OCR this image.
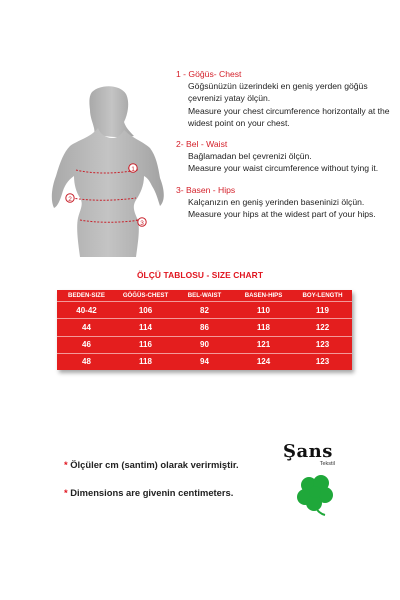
1
2
3
1 - Göğüs- Chest
Göğsünüzün üzerindeki en geniş yerden göğüs çevrenizi yatay ölçün.
Measure your chest circumference horizontally at the widest point on your chest.
2- Bel - Waist
Bağlamadan bel çevrenizi ölçün.
Measure your waist circumference without tying it.
3- Basen - Hips
Kalçanızın en geniş yerinden baseninizi ölçün.
Measure your hips at the widest part of your hips.
ÖLÇÜ TABLOSU - SIZE CHART
BEDEN-SIZE	GÖĞÜS-CHEST	BEL-WAIST	BASEN-HIPS	BOY-LENGTH
40-42	106	82	110	119
44	114	86	118	122
46	116	90	121	123
48	118	94	124	123
* Ölçüler cm (santim) olarak verirmiştir.
* Dimensions are givenin centimeters.
Şans
Tekstil
